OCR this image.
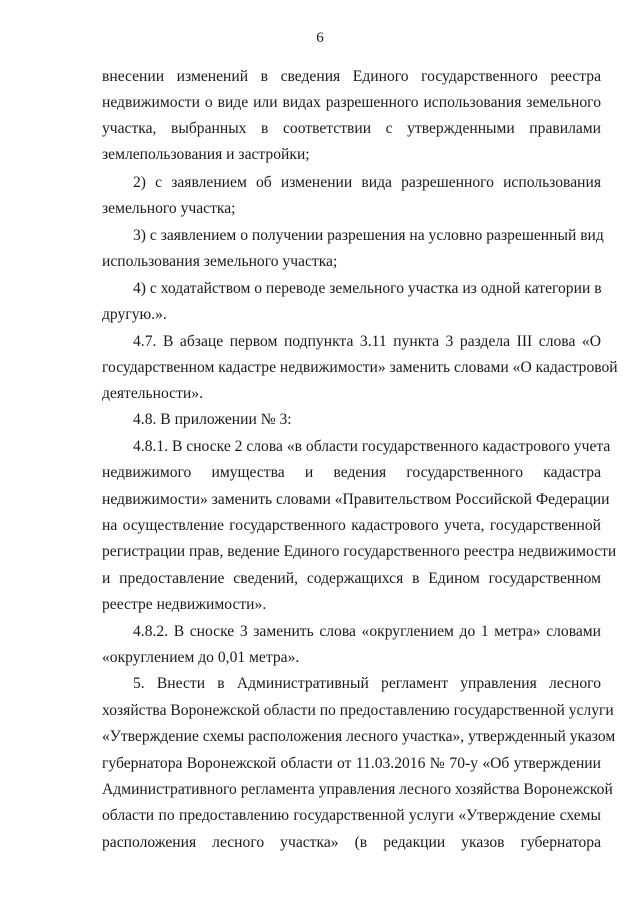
6
внесении изменений в сведения Единого государственного реестра
недвижимости о виде или видах разрешенного использования земельного
участка, выбранных в соответствии с утвержденными правилами
землепользования и застройки;
2) с заявлением об изменении вида разрешенного использования
земельного участка;
3) с заявлением о получении разрешения на условно разрешенный вид
использования земельного участка;
4) с ходатайством о переводе земельного участка из одной категории в
другую.».
4.7. В абзаце первом подпункта 3.11 пункта 3 раздела III слова «О
государственном кадастре недвижимости» заменить словами «О кадастровой
деятельности».
4.8. В приложении № 3:
4.8.1. В сноске 2 слова «в области государственного кадастрового учета
недвижимого имущества и ведения государственного кадастра
недвижимости» заменить словами «Правительством Российской Федерации
на осуществление государственного кадастрового учета, государственной
регистрации прав, ведение Единого государственного реестра недвижимости
и предоставление сведений, содержащихся в Едином государственном
реестре недвижимости».
4.8.2. В сноске 3 заменить слова «округлением до 1 метра» словами
«округлением до 0,01 метра».
5. Внести в Административный регламент управления лесного
хозяйства Воронежской области по предоставлению государственной услуги
«Утверждение схемы расположения лесного участка», утвержденный указом
губернатора Воронежской области от 11.03.2016 № 70-у «Об утверждении
Административного регламента управления лесного хозяйства Воронежской
области по предоставлению государственной услуги «Утверждение схемы
расположения лесного участка» (в редакции указов губернатора
